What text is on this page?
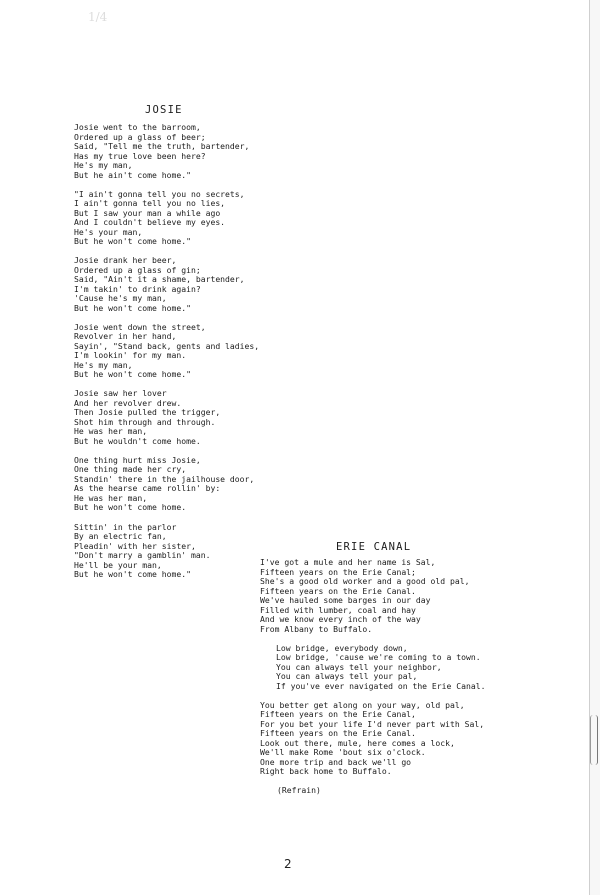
1/4
JOSIE

Josie went to the barroom,
Ordered up a glass of beer;
Said, "Tell me the truth, bartender,
Has my true love been here?
He's my man,
But he ain't come home."

"I ain't gonna tell you no secrets,
I ain't gonna tell you no lies,
But I saw your man a while ago
And I couldn't believe my eyes.
He's your man,
But he won't come home."

Josie drank her beer,
Ordered up a glass of gin;
Said, "Ain't it a shame, bartender,
I'm takin' to drink again?
'Cause he's my man,
But he won't come home."

Josie went down the street,
Revolver in her hand,
Sayin', "Stand back, gents and ladies,
I'm lookin' for my man.
He's my man,
But he won't come home."

Josie saw her lover
And her revolver drew.
Then Josie pulled the trigger,
Shot him through and through.
He was her man,
But he wouldn't come home.

One thing hurt miss Josie,
One thing made her cry,
Standin' there in the jailhouse door,
As the hearse came rollin' by:
He was her man,
But he won't come home.

Sittin' in the parlor
By an electric fan,
Pleadin' with her sister,
"Don't marry a gamblin' man.
He'll be your man,
But he won't come home."

ERIE CANAL

I've got a mule and her name is Sal,
Fifteen years on the Erie Canal;
She's a good old worker and a good old pal,
Fifteen years on the Erie Canal.
We've hauled some barges in our day
Filled with lumber, coal and hay
And we know every inch of the way
From Albany to Buffalo.

Low bridge, everybody down,
Low bridge, 'cause we're coming to a town.
You can always tell your neighbor,
You can always tell your pal,
If you've ever navigated on the Erie Canal.

You better get along on your way, old pal,
Fifteen years on the Erie Canal,
For you bet your life I'd never part with Sal,
Fifteen years on the Erie Canal.
Look out there, mule, here comes a lock,
We'll make Rome 'bout six o'clock.
One more trip and back we'll go
Right back home to Buffalo.

(Refrain)

2
